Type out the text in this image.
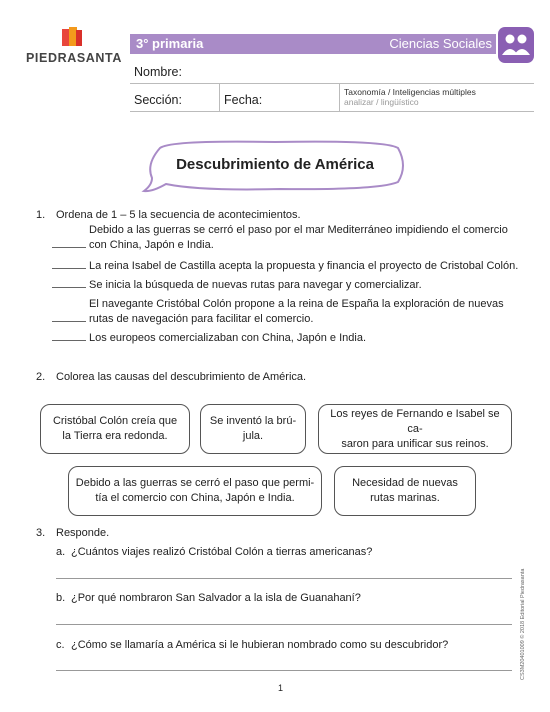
PIEDRASANTA
3° primaria	Ciencias Sociales
Nombre:
Sección:	Fecha:
Taxonomía / Inteligencias múltiples
analizar / lingüístico
Descubrimiento de América
1. Ordena de 1 – 5 la secuencia de acontecimientos.
Debido a las guerras se cerró el paso por el mar Mediterráneo impidiendo el comercio
con China, Japón e India.
La reina Isabel de Castilla acepta la propuesta y financia el proyecto de Cristobal Colón.
Se inicia la búsqueda de nuevas rutas para navegar y comercializar.
El navegante Cristóbal Colón propone a la reina de España la exploración de nuevas
rutas de navegación para facilitar el comercio.
Los europeos comercializaban con China, Japón e India.
2. Colorea las causas del descubrimiento de América.
Cristóbal Colón creía que
la Tierra era redonda.
Se inventó la brú-
jula.
Los reyes de Fernando e Isabel se ca-
saron para unificar sus reinos.
Debido a las guerras se cerró el paso que permi-
tía el comercio con China, Japón e India.
Necesidad de nuevas
rutas marinas.
3. Responde.
a. ¿Cuántos viajes realizó Cristóbal Colón a tierras americanas?
b. ¿Por qué nombraron San Salvador a la isla de Guanahaní?
c. ¿Cómo se llamaría a América si le hubieran nombrado como su descubridor?	CS3M20401009 © 2018 Editorial Piedrasanta
1
